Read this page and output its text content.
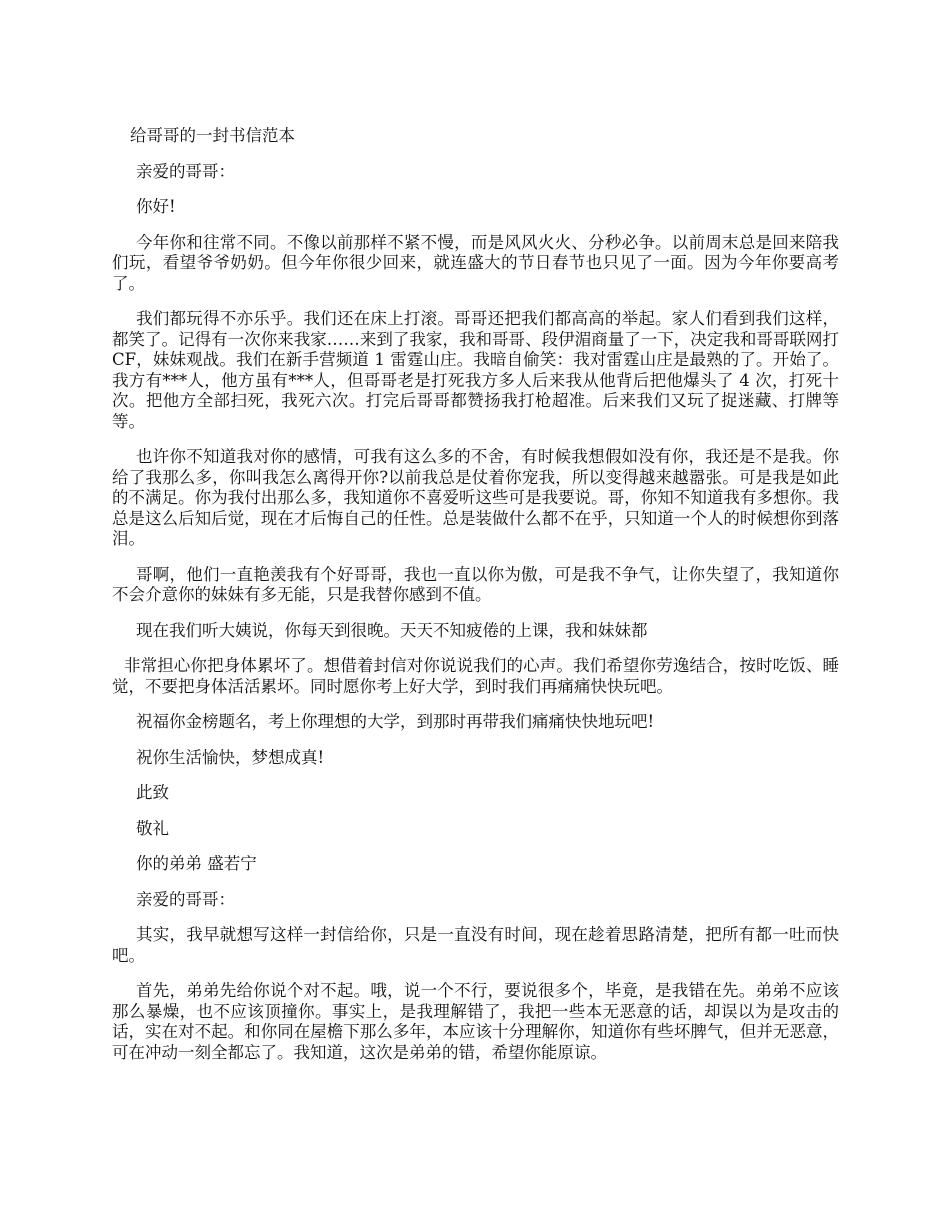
给哥哥的一封书信范本

亲爱的哥哥：

你好!

今年你和往常不同。不像以前那样不紧不慢，而是风风火火、分秒必争。以前周末总是回来陪我们玩，看望爷爷奶奶。但今年你很少回来，就连盛大的节日春节也只见了一面。因为今年你要高考了。

我们都玩得不亦乐乎。我们还在床上打滚。哥哥还把我们都高高的举起。家人们看到我们这样，都笑了。记得有一次你来我家……来到了我家，我和哥哥、段伊湄商量了一下，决定我和哥哥联网打 CF，妹妹观战。我们在新手营频道 1 雷霆山庄。我暗自偷笑：我对雷霆山庄是最熟的了。开始了。我方有***人，他方虽有***人，但哥哥老是打死我方多人后来我从他背后把他爆头了 4 次，打死十次。把他方全部扫死，我死六次。打完后哥哥都赞扬我打枪超准。后来我们又玩了捉迷藏、打牌等等。

也许你不知道我对你的感情，可我有这么多的不舍，有时候我想假如没有你，我还是不是我。你给了我那么多，你叫我怎么离得开你?以前我总是仗着你宠我，所以变得越来越嚣张。可是我是如此的不满足。你为我付出那么多，我知道你不喜爱听这些可是我要说。哥，你知不知道我有多想你。我总是这么后知后觉，现在才后悔自己的任性。总是装做什么都不在乎，只知道一个人的时候想你到落泪。

哥啊，他们一直艳羡我有个好哥哥，我也一直以你为傲，可是我不争气，让你失望了，我知道你不会介意你的妹妹有多无能，只是我替你感到不值。

现在我们听大姨说，你每天到很晚。天天不知疲倦的上课，我和妹妹都

非常担心你把身体累坏了。想借着封信对你说说我们的心声。我们希望你劳逸结合，按时吃饭、睡觉，不要把身体活活累坏。同时愿你考上好大学，到时我们再痛痛快快玩吧。

祝福你金榜题名，考上你理想的大学，到那时再带我们痛痛快快地玩吧!

祝你生活愉快，梦想成真!

此致

敬礼

你的弟弟 盛若宁

亲爱的哥哥：

其实，我早就想写这样一封信给你，只是一直没有时间，现在趁着思路清楚，把所有都一吐而快吧。

首先，弟弟先给你说个对不起。哦，说一个不行，要说很多个，毕竟，是我错在先。弟弟不应该那么暴燥，也不应该顶撞你。事实上，是我理解错了，我把一些本无恶意的话，却误以为是攻击的话，实在对不起。和你同在屋檐下那么多年，本应该十分理解你，知道你有些坏脾气，但并无恶意，可在冲动一刻全都忘了。我知道，这次是弟弟的错，希望你能原谅。
